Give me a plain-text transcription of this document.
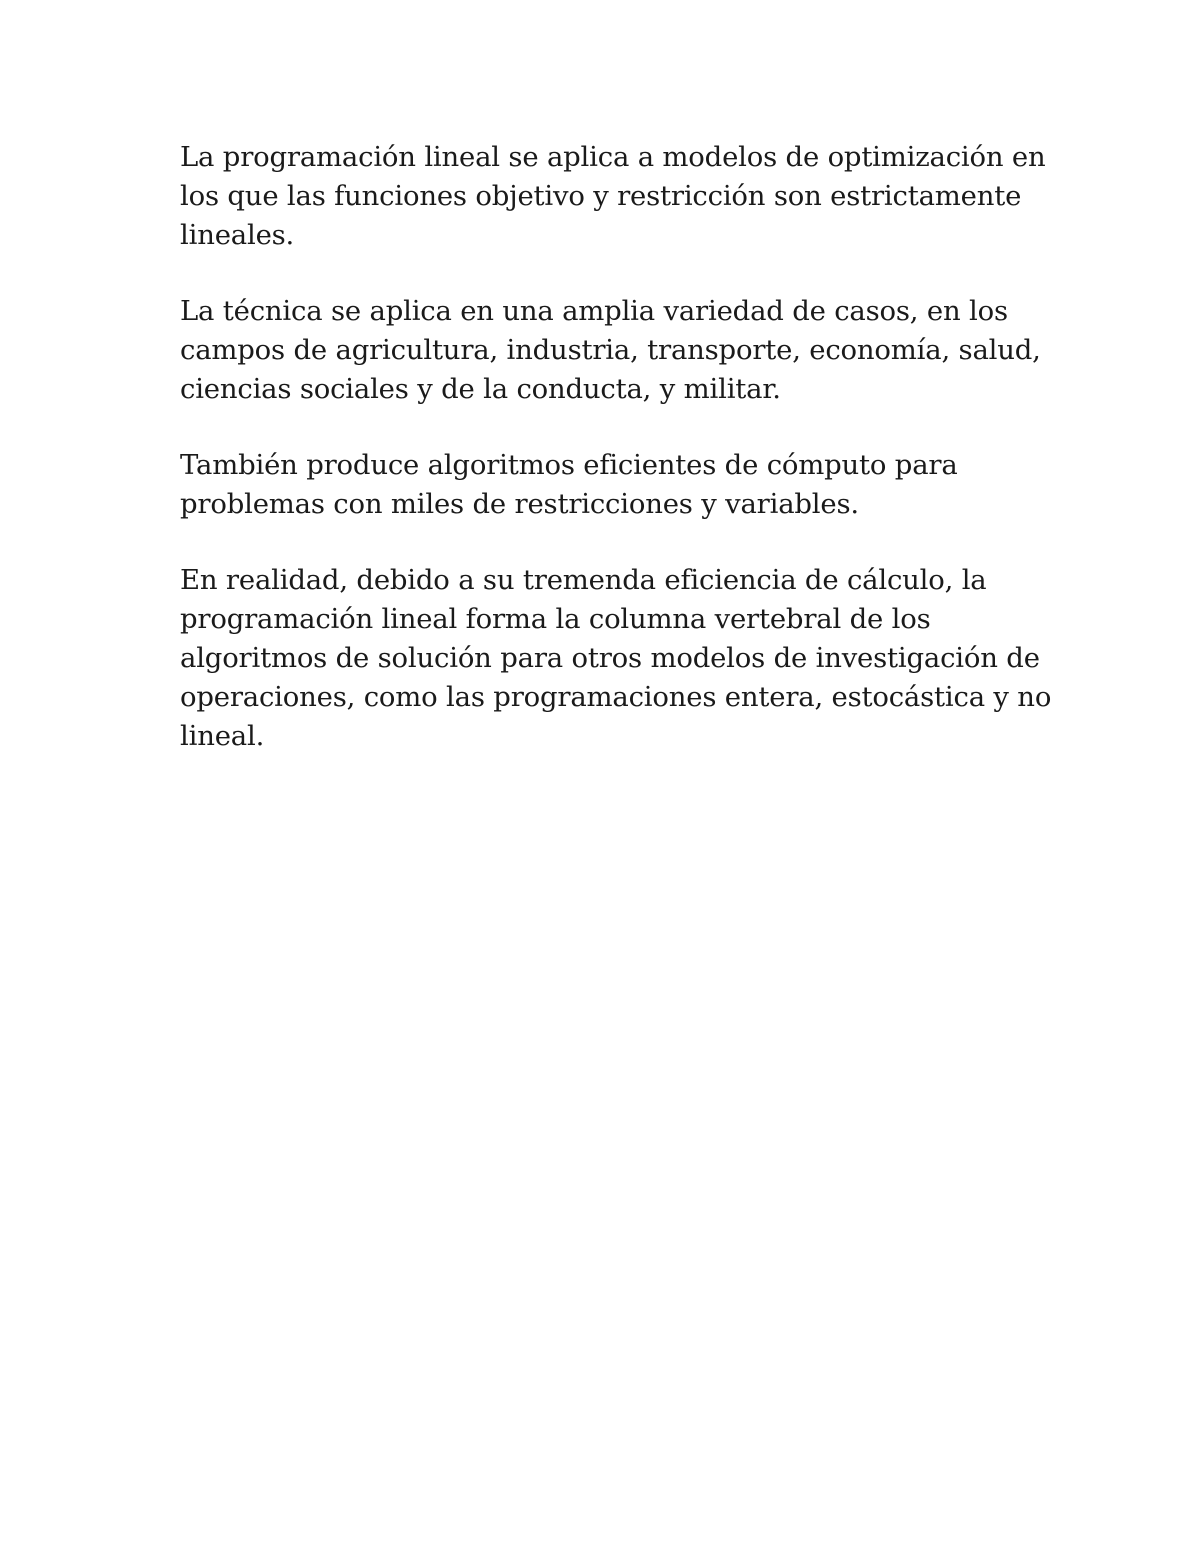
La programación lineal se aplica a modelos de optimización en
los que las funciones objetivo y restricción son estrictamente
lineales.

La técnica se aplica en una amplia variedad de casos, en los
campos de agricultura, industria, transporte, economía, salud,
ciencias sociales y de la conducta, y militar.

También produce algoritmos eficientes de cómputo para
problemas con miles de restricciones y variables.

En realidad, debido a su tremenda eficiencia de cálculo, la
programación lineal forma la columna vertebral de los
algoritmos de solución para otros modelos de investigación de
operaciones, como las programaciones entera, estocástica y no
lineal.
